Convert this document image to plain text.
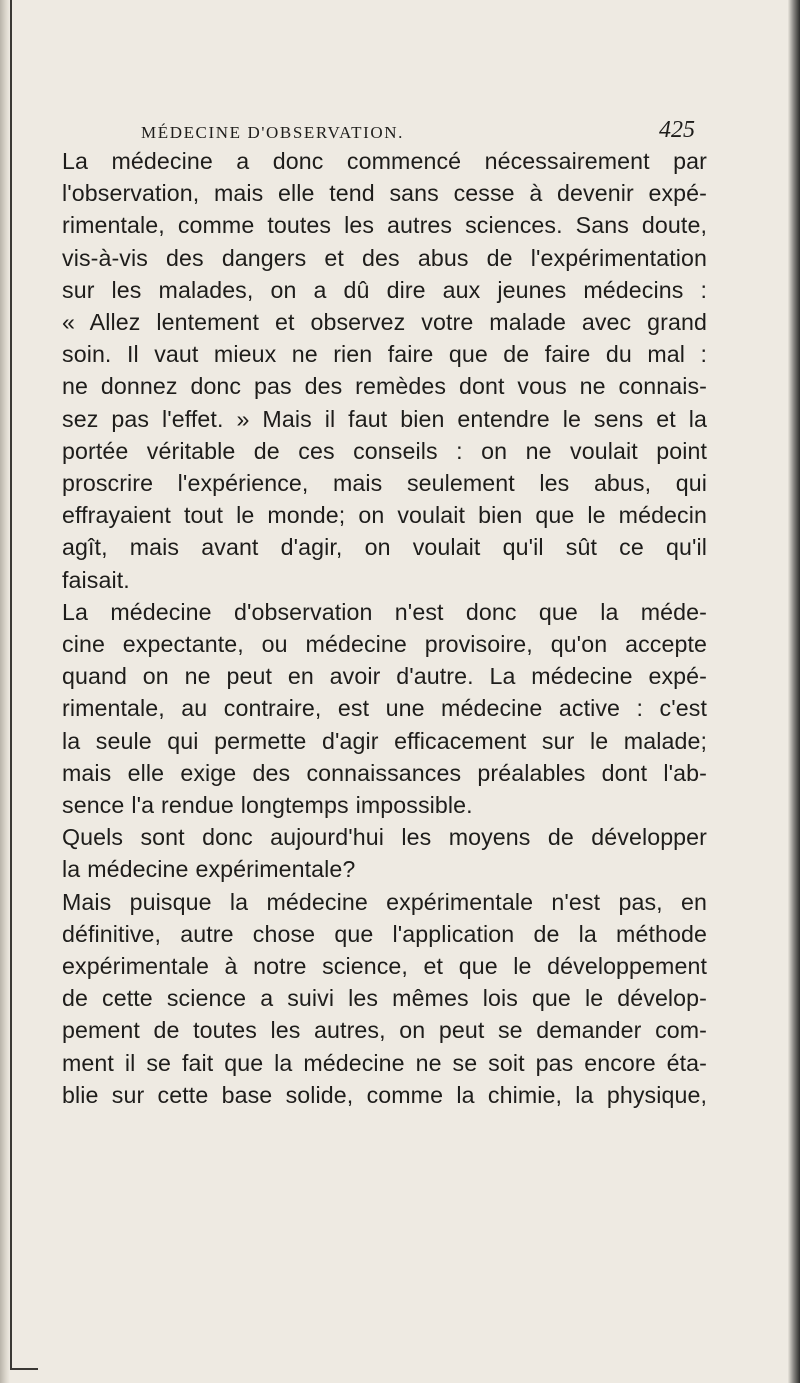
MÉDECINE D'OBSERVATION.	425

La médecine a donc commencé nécessairement par
l'observation, mais elle tend sans cesse à devenir expé-
rimentale, comme toutes les autres sciences. Sans doute,
vis-à-vis des dangers et des abus de l'expérimentation
sur les malades, on a dû dire aux jeunes médecins :
« Allez lentement et observez votre malade avec grand
soin. Il vaut mieux ne rien faire que de faire du mal :
ne donnez donc pas des remèdes dont vous ne connais-
sez pas l'effet. » Mais il faut bien entendre le sens et la
portée véritable de ces conseils : on ne voulait point
proscrire l'expérience, mais seulement les abus, qui
effrayaient tout le monde; on voulait bien que le médecin
agît, mais avant d'agir, on voulait qu'il sût ce qu'il
faisait.

La médecine d'observation n'est donc que la méde-
cine expectante, ou médecine provisoire, qu'on accepte
quand on ne peut en avoir d'autre. La médecine expé-
rimentale, au contraire, est une médecine active : c'est
la seule qui permette d'agir efficacement sur le malade;
mais elle exige des connaissances préalables dont l'ab-
sence l'a rendue longtemps impossible.

Quels sont donc aujourd'hui les moyens de développer
la médecine expérimentale?

Mais puisque la médecine expérimentale n'est pas, en
définitive, autre chose que l'application de la méthode
expérimentale à notre science, et que le développement
de cette science a suivi les mêmes lois que le dévelop-
pement de toutes les autres, on peut se demander com-
ment il se fait que la médecine ne se soit pas encore éta-
blie sur cette base solide, comme la chimie, la physique,
